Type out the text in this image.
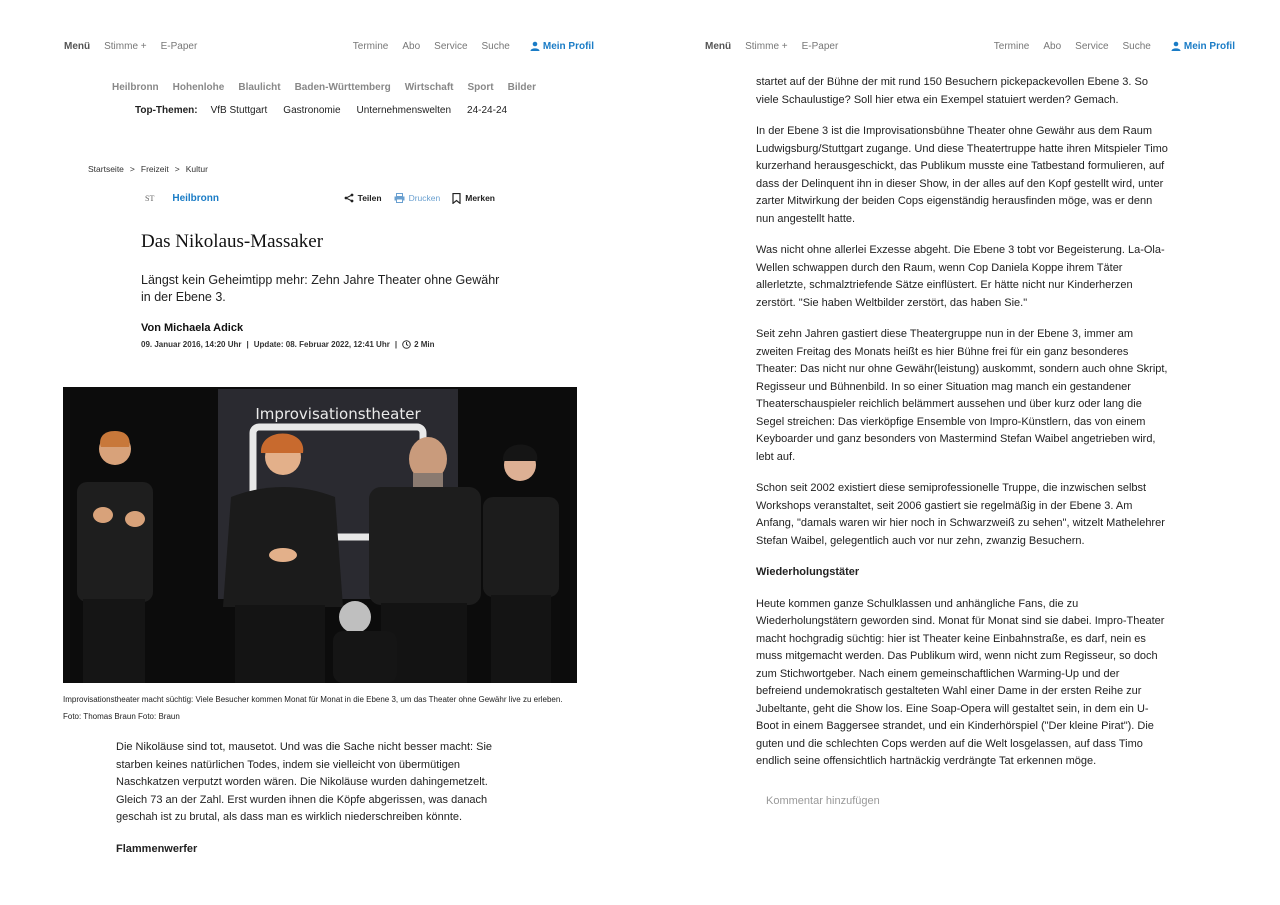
Menü Stimme + E-Paper	Termine Abo Service Suche	Mein Profil	Menü Stimme + E-Paper	Termine Abo Service Suche	Mein Profil
Heilbronn Hohenlohe Blaulicht Baden-Württemberg Wirtschaft Sport Bilder
Top-Themen: VfB Stuttgart Gastronomie Unternehmenswelten 24-24-24
Startseite > Freizeit > Kultur
ST Heilbronn	Teilen	Drucken	Merken
Das Nikolaus-Massaker

Längst kein Geheimtipp mehr: Zehn Jahre Theater ohne Gewähr in der Ebene 3.

Von Michaela Adick
09. Januar 2016, 14:20 Uhr | Update: 08. Februar 2022, 12:41 Uhr | 2 Min
Improvisationstheater
Improvisationstheater macht süchtig: Viele Besucher kommen Monat für Monat in die Ebene 3, um das Theater ohne Gewähr live zu erleben. Foto: Thomas Braun Foto: Braun

Die Nikoläuse sind tot, mausetot. Und was die Sache nicht besser macht: Sie starben keines natürlichen Todes, indem sie vielleicht von übermütigen Naschkatzen verputzt worden wären. Die Nikoläuse wurden dahingemetzelt. Gleich 73 an der Zahl. Erst wurden ihnen die Köpfe abgerissen, was danach geschah ist zu brutal, als dass man es wirklich niederschreiben könnte.

Flammenwerfer

startet auf der Bühne der mit rund 150 Besuchern pickepackevollen Ebene 3. So viele Schaulustige? Soll hier etwa ein Exempel statuiert werden? Gemach.

In der Ebene 3 ist die Improvisationsbühne Theater ohne Gewähr aus dem Raum Ludwigsburg/Stuttgart zugange. Und diese Theatertruppe hatte ihren Mitspieler Timo kurzerhand herausgeschickt, das Publikum musste eine Tatbestand formulieren, auf dass der Delinquent ihn in dieser Show, in der alles auf den Kopf gestellt wird, unter zarter Mitwirkung der beiden Cops eigenständig herausfinden möge, was er denn nun angestellt hatte.

Was nicht ohne allerlei Exzesse abgeht. Die Ebene 3 tobt vor Begeisterung. La-Ola-Wellen schwappen durch den Raum, wenn Cop Daniela Koppe ihrem Täter allerletzte, schmalztriefende Sätze einflüstert. Er hätte nicht nur Kinderherzen zerstört. "Sie haben Weltbilder zerstört, das haben Sie."

Seit zehn Jahren gastiert diese Theatergruppe nun in der Ebene 3, immer am zweiten Freitag des Monats heißt es hier Bühne frei für ein ganz besonderes Theater: Das nicht nur ohne Gewähr(leistung) auskommt, sondern auch ohne Skript, Regisseur und Bühnenbild. In so einer Situation mag manch ein gestandener Theaterschauspieler reichlich belämmert aussehen und über kurz oder lang die Segel streichen: Das vierköpfige Ensemble von Impro-Künstlern, das von einem Keyboarder und ganz besonders von Mastermind Stefan Waibel angetrieben wird, lebt auf.

Schon seit 2002 existiert diese semiprofessionelle Truppe, die inzwischen selbst Workshops veranstaltet, seit 2006 gastiert sie regelmäßig in der Ebene 3. Am Anfang, "damals waren wir hier noch in Schwarzweiß zu sehen", witzelt Mathelehrer Stefan Waibel, gelegentlich auch vor nur zehn, zwanzig Besuchern.

Wiederholungstäter

Heute kommen ganze Schulklassen und anhängliche Fans, die zu Wiederholungstätern geworden sind. Monat für Monat sind sie dabei. Impro-Theater macht hochgradig süchtig: hier ist Theater keine Einbahnstraße, es darf, nein es muss mitgemacht werden. Das Publikum wird, wenn nicht zum Regisseur, so doch zum Stichwortgeber. Nach einem gemeinschaftlichen Warming-Up und der befreiend undemokratisch gestalteten Wahl einer Dame in der ersten Reihe zur Jubeltante, geht die Show los. Eine Soap-Opera will gestaltet sein, in dem ein U-Boot in einem Baggersee strandet, und ein Kinderhörspiel ("Der kleine Pirat"). Die guten und die schlechten Cops werden auf die Welt losgelassen, auf dass Timo endlich seine offensichtlich hartnäckig verdrängte Tat erkennen möge.

Kommentar hinzufügen
